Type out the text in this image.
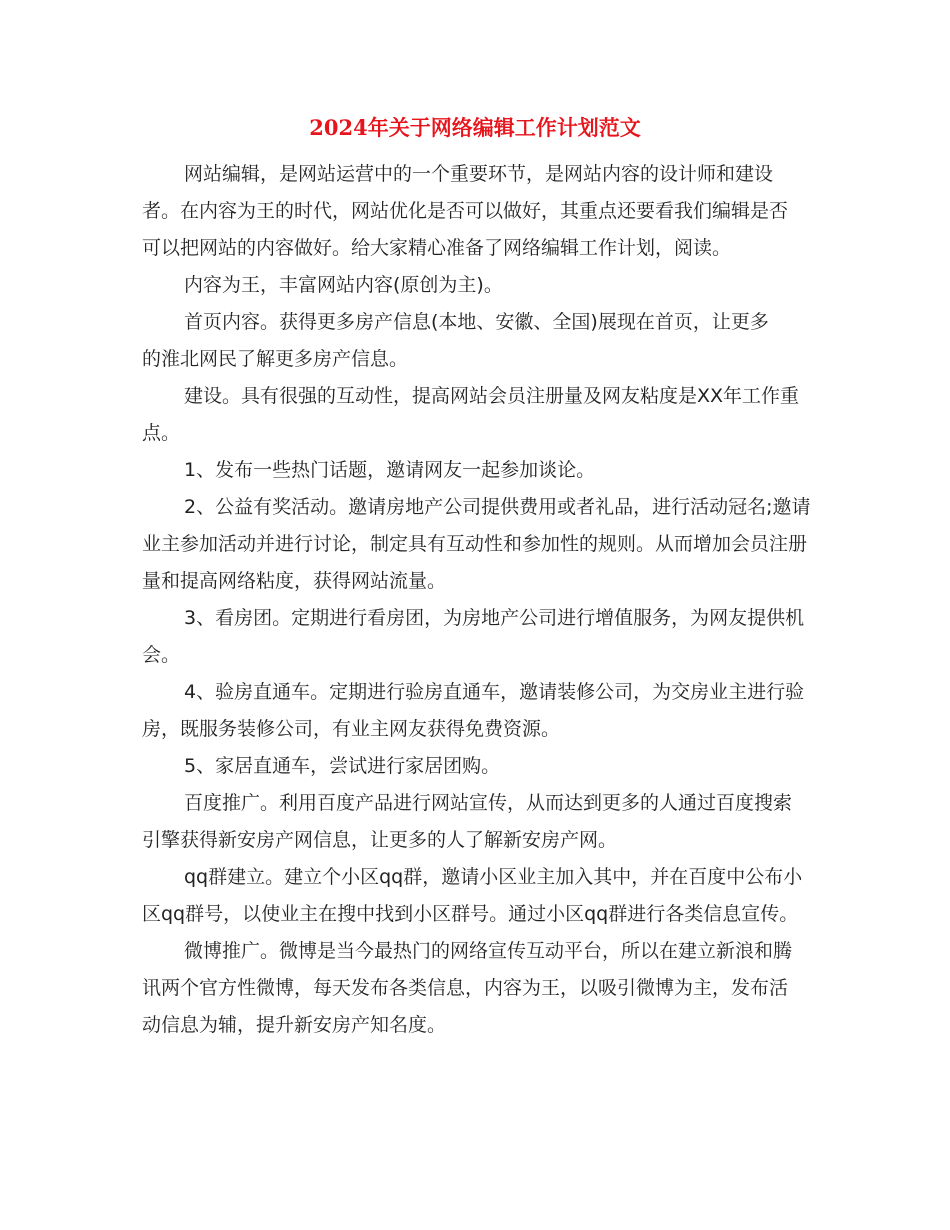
2024年关于网络编辑工作计划范文

网站编辑，是网站运营中的一个重要环节，是网站内容的设计师和建设者。在内容为王的时代，网站优化是否可以做好，其重点还要看我们编辑是否可以把网站的内容做好。给大家精心准备了网络编辑工作计划，阅读。

内容为王，丰富网站内容(原创为主)。

首页内容。获得更多房产信息(本地、安徽、全国)展现在首页，让更多的淮北网民了解更多房产信息。

建设。具有很强的互动性，提高网站会员注册量及网友粘度是XX年工作重点。

1、发布一些热门话题，邀请网友一起参加谈论。

2、公益有奖活动。邀请房地产公司提供费用或者礼品，进行活动冠名;邀请业主参加活动并进行讨论，制定具有互动性和参加性的规则。从而增加会员注册量和提高网络粘度，获得网站流量。

3、看房团。定期进行看房团，为房地产公司进行增值服务，为网友提供机会。

4、验房直通车。定期进行验房直通车，邀请装修公司，为交房业主进行验房，既服务装修公司，有业主网友获得免费资源。

5、家居直通车，尝试进行家居团购。

百度推广。利用百度产品进行网站宣传，从而达到更多的人通过百度搜索引擎获得新安房产网信息，让更多的人了解新安房产网。

qq群建立。建立个小区qq群，邀请小区业主加入其中，并在百度中公布小区qq群号，以使业主在搜中找到小区群号。通过小区qq群进行各类信息宣传。

微博推广。微博是当今最热门的网络宣传互动平台，所以在建立新浪和腾讯两个官方性微博，每天发布各类信息，内容为王，以吸引微博为主，发布活动信息为辅，提升新安房产知名度。
